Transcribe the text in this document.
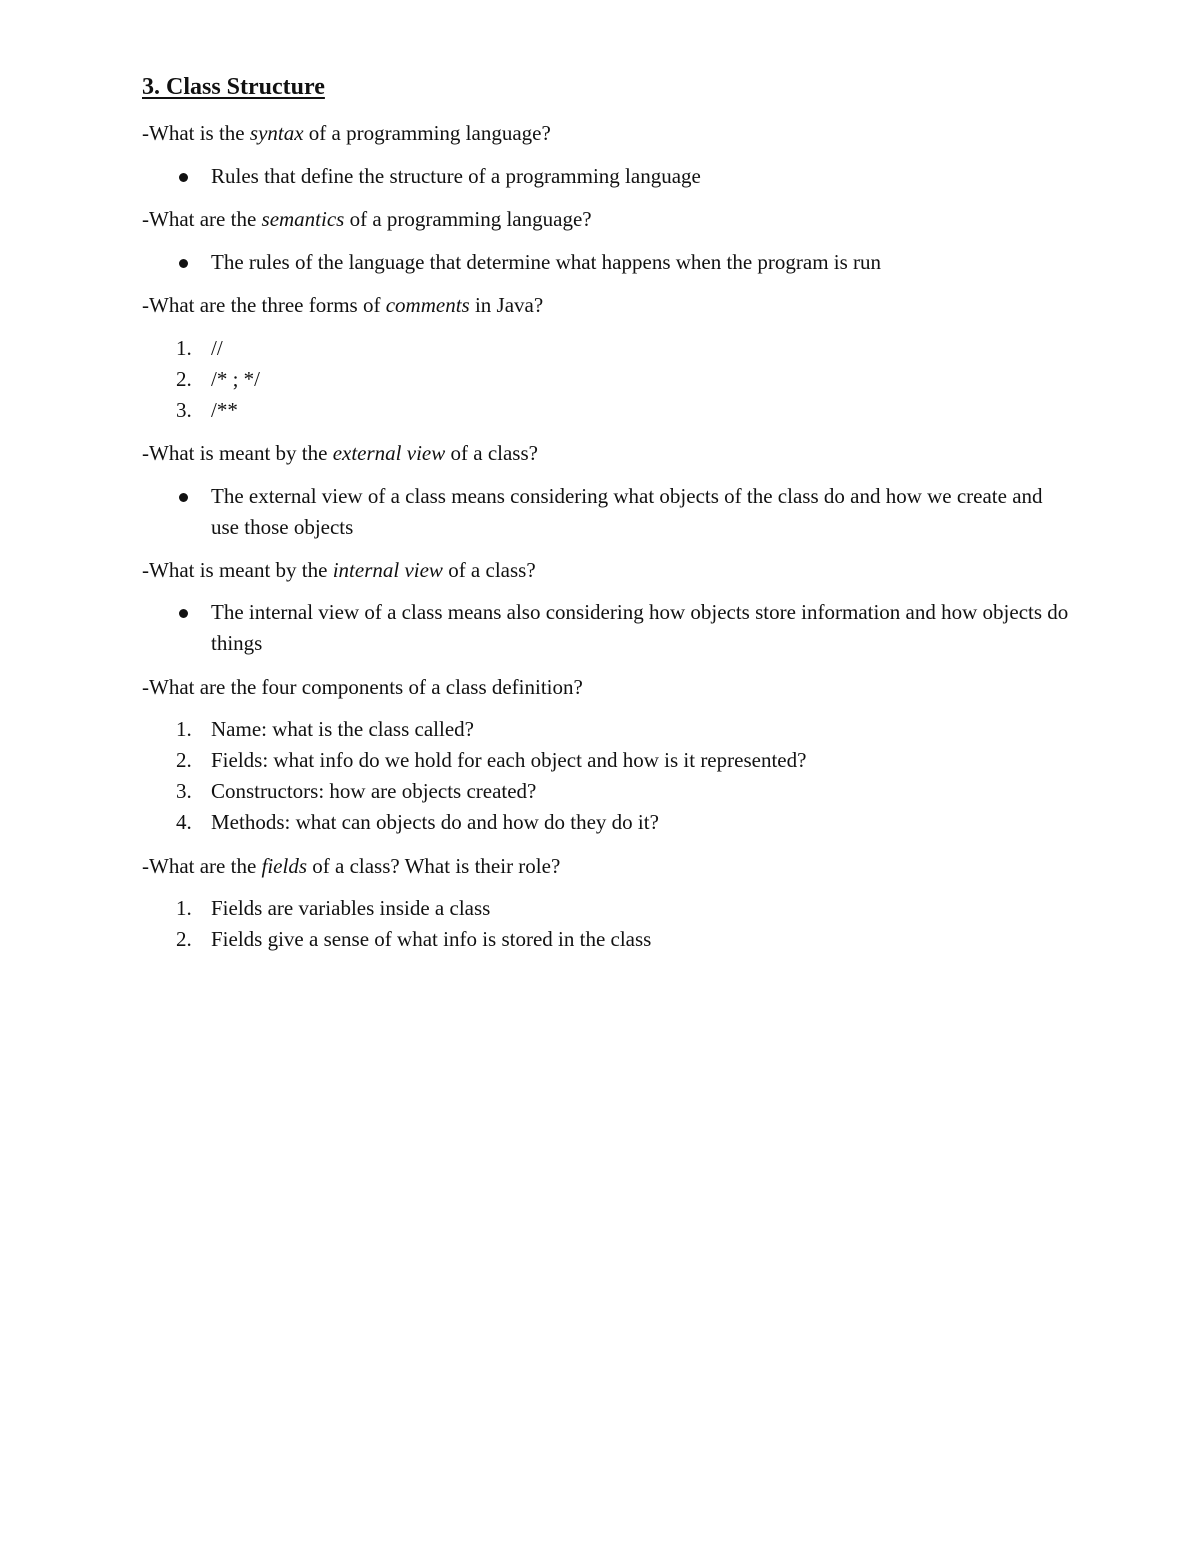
3. Class Structure

-What is the syntax of a programming language?

Rules that define the structure of a programming language

-What are the semantics of a programming language?

The rules of the language that determine what happens when the program is run

-What are the three forms of comments in Java?

1. //
2. /* ; */
3. /**

-What is meant by the external view of a class?

The external view of a class means considering what objects of the class do and how we create and use those objects

-What is meant by the internal view of a class?

The internal view of a class means also considering how objects store information and how objects do things

-What are the four components of a class definition?

1. Name: what is the class called?
2. Fields: what info do we hold for each object and how is it represented?
3. Constructors: how are objects created?
4. Methods: what can objects do and how do they do it?

-What are the fields of a class? What is their role?

1. Fields are variables inside a class
2. Fields give a sense of what info is stored in the class
